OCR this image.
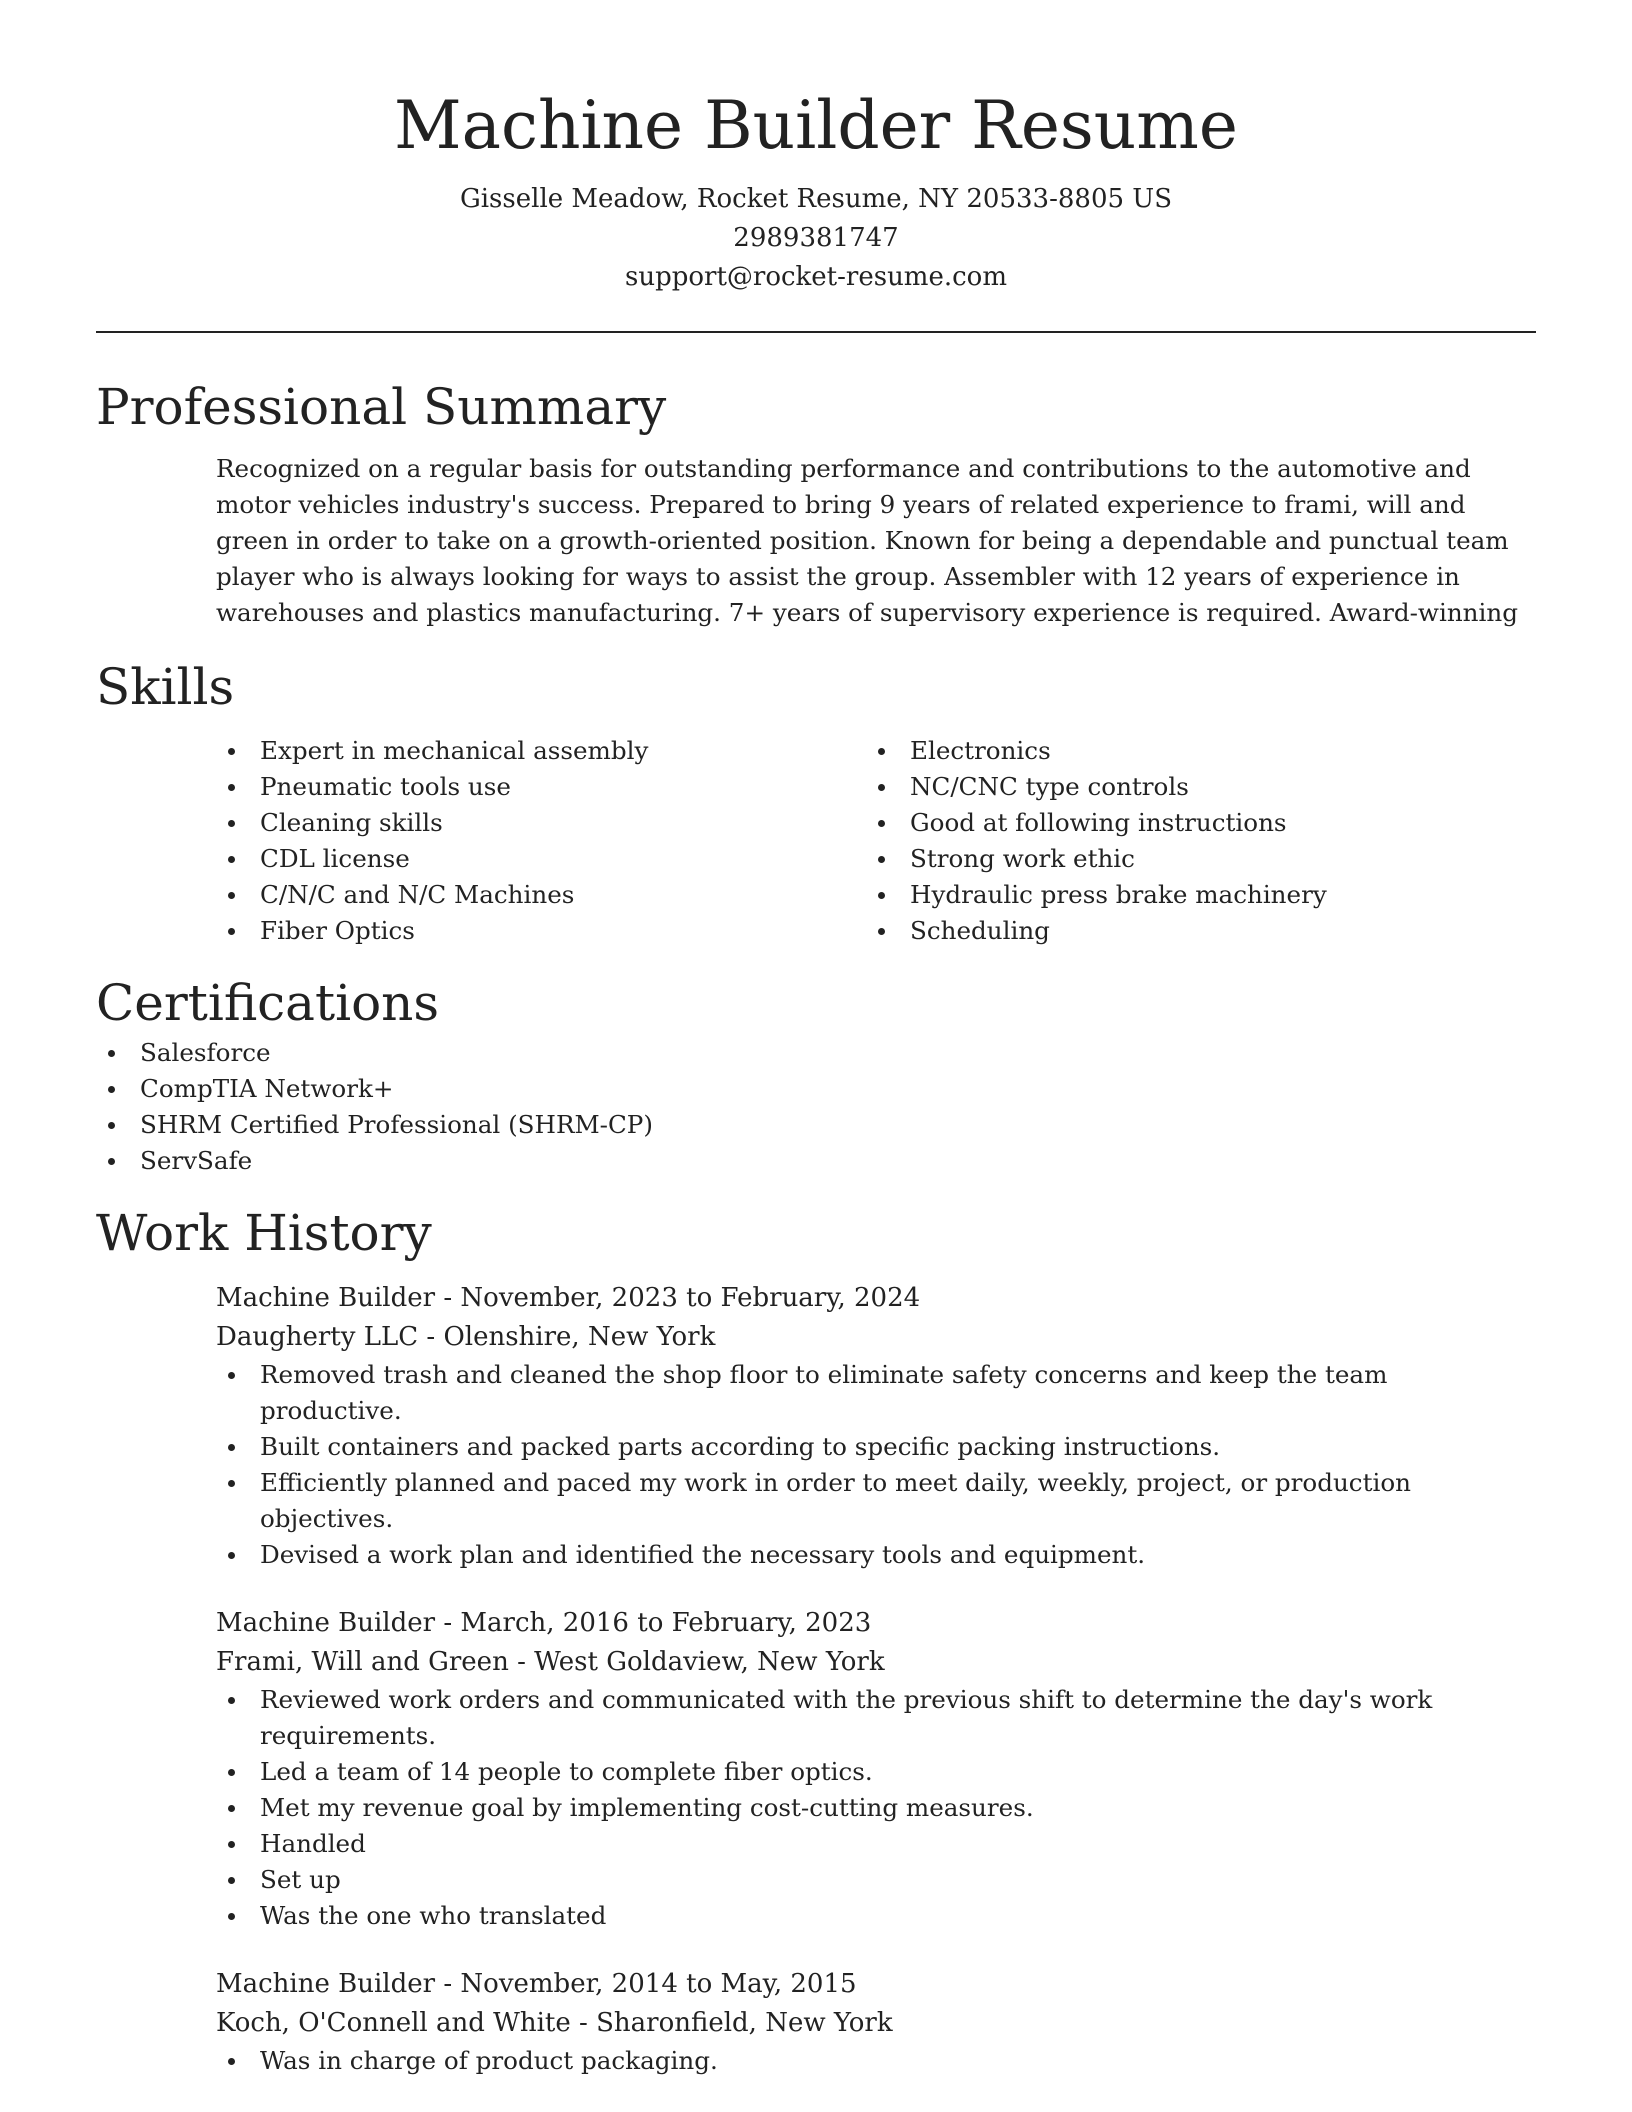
Machine Builder Resume
Gisselle Meadow, Rocket Resume, NY 20533-8805 US
2989381747
support@rocket-resume.com
Professional Summary

Recognized on a regular basis for outstanding performance and contributions to the automotive and motor vehicles industry's success. Prepared to bring 9 years of related experience to frami, will and green in order to take on a growth-oriented position. Known for being a dependable and punctual team player who is always looking for ways to assist the group. Assembler with 12 years of experience in warehouses and plastics manufacturing. 7+ years of supervisory experience is required. Award-winning

Skills
Expert in mechanical assembly
Pneumatic tools use
Cleaning skills
CDL license
C/N/C and N/C Machines
Fiber Optics
Electronics
NC/CNC type controls
Good at following instructions
Strong work ethic
Hydraulic press brake machinery
Scheduling
Certifications
Salesforce
CompTIA Network+
SHRM Certified Professional (SHRM-CP)
ServSafe
Work History
Machine Builder - November, 2023 to February, 2024
Daugherty LLC - Olenshire, New York
Removed trash and cleaned the shop floor to eliminate safety concerns and keep the team productive.
Built containers and packed parts according to specific packing instructions.
Efficiently planned and paced my work in order to meet daily, weekly, project, or production objectives.
Devised a work plan and identified the necessary tools and equipment.
Machine Builder - March, 2016 to February, 2023
Frami, Will and Green - West Goldaview, New York
Reviewed work orders and communicated with the previous shift to determine the day's work requirements.
Led a team of 14 people to complete fiber optics.
Met my revenue goal by implementing cost-cutting measures.
Handled
Set up
Was the one who translated
Machine Builder - November, 2014 to May, 2015
Koch, O'Connell and White - Sharonfield, New York
Was in charge of product packaging.
